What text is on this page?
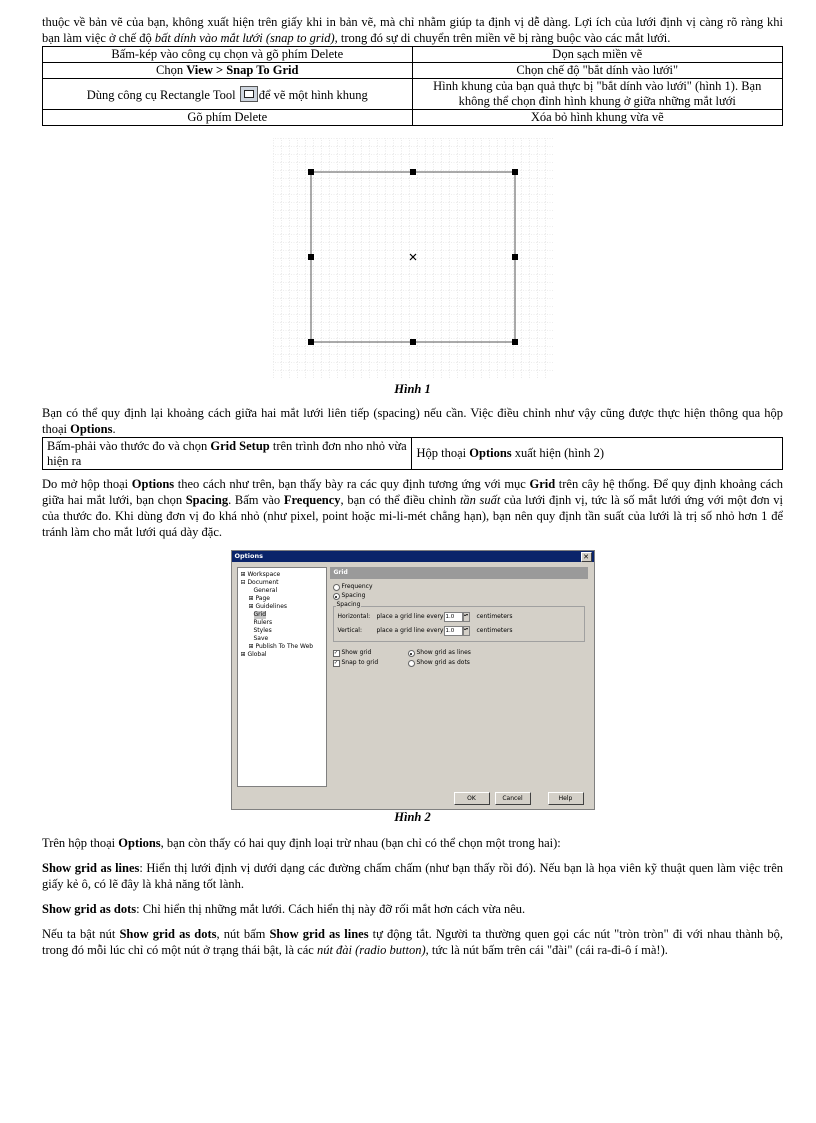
thuộc về bản vẽ của bạn, không xuất hiện trên giấy khi in bản vẽ, mà chỉ nhằm giúp ta định vị dễ dàng. Lợi ích của lưới định vị càng rõ ràng khi bạn làm việc ở chế độ bất dính vào mắt lưới (snap to grid), trong đó sự di chuyển trên miền vẽ bị ràng buộc vào các mắt lưới.

Bấm-kép vào công cụ chọn và gõ phím Delete	Dọn sạch miền vẽ
Chọn View > Snap To Grid	Chọn chế độ "bắt dính vào lưới"
Dùng công cụ Rectangle Tool để vẽ một hình khung	Hình khung của bạn quả thực bị "bắt dính vào lưới" (hình 1). Bạn không thể chọn đỉnh hình khung ở giữa những mắt lưới
Gõ phím Delete	Xóa bỏ hình khung vừa vẽ
Hình 1

Bạn có thể quy định lại khoảng cách giữa hai mắt lưới liên tiếp (spacing) nếu cần. Việc điều chỉnh như vậy cũng được thực hiện thông qua hộp thoại Options.

Bấm-phải vào thước đo và chọn Grid Setup trên trình đơn nho nhỏ vừa hiện ra	Hộp thoại Options xuất hiện (hình 2)

Do mở hộp thoại Options theo cách như trên, bạn thấy bày ra các quy định tương ứng với mục Grid trên cây hệ thống. Để quy định khoảng cách giữa hai mắt lưới, bạn chọn Spacing. Bấm vào Frequency, bạn có thể điều chỉnh tần suất của lưới định vị, tức là số mắt lưới ứng với một đơn vị của thước đo. Khi dùng đơn vị đo khá nhỏ (như pixel, point hoặc mi-li-mét chẳng hạn), bạn nên quy định tần suất của lưới là trị số nhỏ hơn 1 để tránh làm cho mắt lưới quá dày đặc.

Options	✕
⊞ Workspace
⊟ Document
General
⊞ Page
⊞ Guidelines
Grid
Rulers
Styles
Save
⊞ Publish To The Web
⊞ Global
Grid
Frequency
Spacing
Spacing
Horizontal: place a grid line every 1.0	▴▾ centimeters
Vertical: place a grid line every 1.0	▴▾ centimeters
✓ Show grid
✓ Snap to grid
Show grid as lines
Show grid as dots
OK	Cancel	Help
Hình 2

Trên hộp thoại Options, bạn còn thấy có hai quy định loại trừ nhau (bạn chỉ có thể chọn một trong hai):

Show grid as lines: Hiển thị lưới định vị dưới dạng các đường chấm chấm (như bạn thấy rồi đó). Nếu bạn là họa viên kỹ thuật quen làm việc trên giấy kẻ ô, có lẽ đây là khả năng tốt lành.

Show grid as dots: Chỉ hiển thị những mắt lưới. Cách hiển thị này đỡ rối mắt hơn cách vừa nêu.

Nếu ta bật nút Show grid as dots, nút bấm Show grid as lines tự động tắt. Người ta thường quen gọi các nút "tròn tròn" đi với nhau thành bộ, trong đó mỗi lúc chỉ có một nút ở trạng thái bật, là các nút đài (radio button), tức là nút bấm trên cái "đài" (cái ra-đi-ô í mà!).
